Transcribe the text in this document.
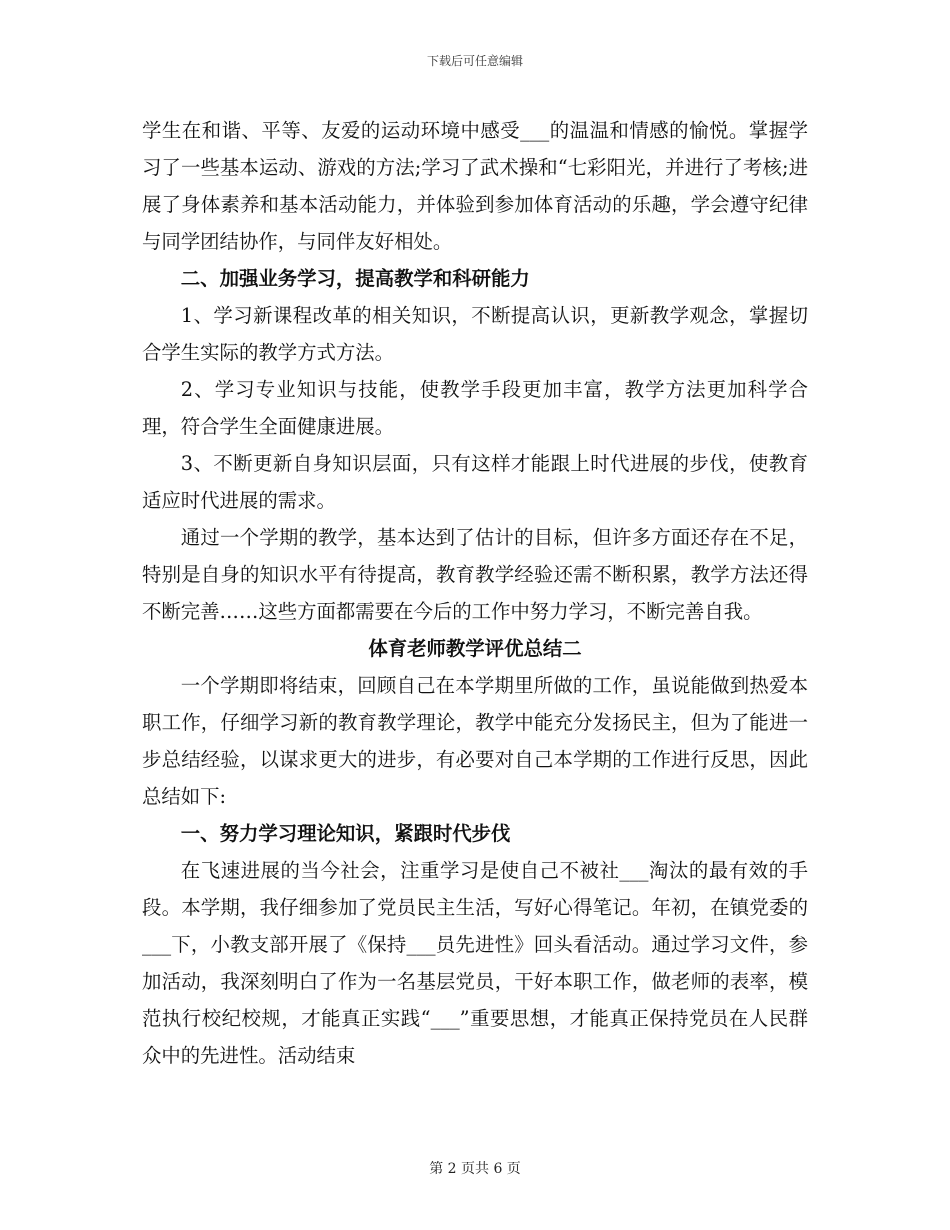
下载后可任意编辑

学生在和谐、平等、友爱的运动环境中感受___的温温和情感的愉悦。掌握学习了一些基本运动、游戏的方法;学习了武术操和“七彩阳光，并进行了考核;进展了身体素养和基本活动能力，并体验到参加体育活动的乐趣，学会遵守纪律与同学团结协作，与同伴友好相处。

二、加强业务学习，提高教学和科研能力

1、学习新课程改革的相关知识，不断提高认识，更新教学观念，掌握切合学生实际的教学方式方法。

2、学习专业知识与技能，使教学手段更加丰富，教学方法更加科学合理，符合学生全面健康进展。

3、不断更新自身知识层面，只有这样才能跟上时代进展的步伐，使教育适应时代进展的需求。

通过一个学期的教学，基本达到了估计的目标，但许多方面还存在不足，特别是自身的知识水平有待提高，教育教学经验还需不断积累，教学方法还得不断完善……这些方面都需要在今后的工作中努力学习，不断完善自我。

体育老师教学评优总结二

一个学期即将结束，回顾自己在本学期里所做的工作，虽说能做到热爱本职工作，仔细学习新的教育教学理论，教学中能充分发扬民主，但为了能进一步总结经验，以谋求更大的进步，有必要对自己本学期的工作进行反思，因此总结如下:

一、努力学习理论知识，紧跟时代步伐

在飞速进展的当今社会，注重学习是使自己不被社___淘汰的最有效的手段。本学期，我仔细参加了党员民主生活，写好心得笔记。年初，在镇党委的___下，小教支部开展了《保持___员先进性》回头看活动。通过学习文件，参加活动，我深刻明白了作为一名基层党员，干好本职工作，做老师的表率，模范执行校纪校规，才能真正实践“___”重要思想，才能真正保持党员在人民群众中的先进性。活动结束

第 2 页共 6 页
